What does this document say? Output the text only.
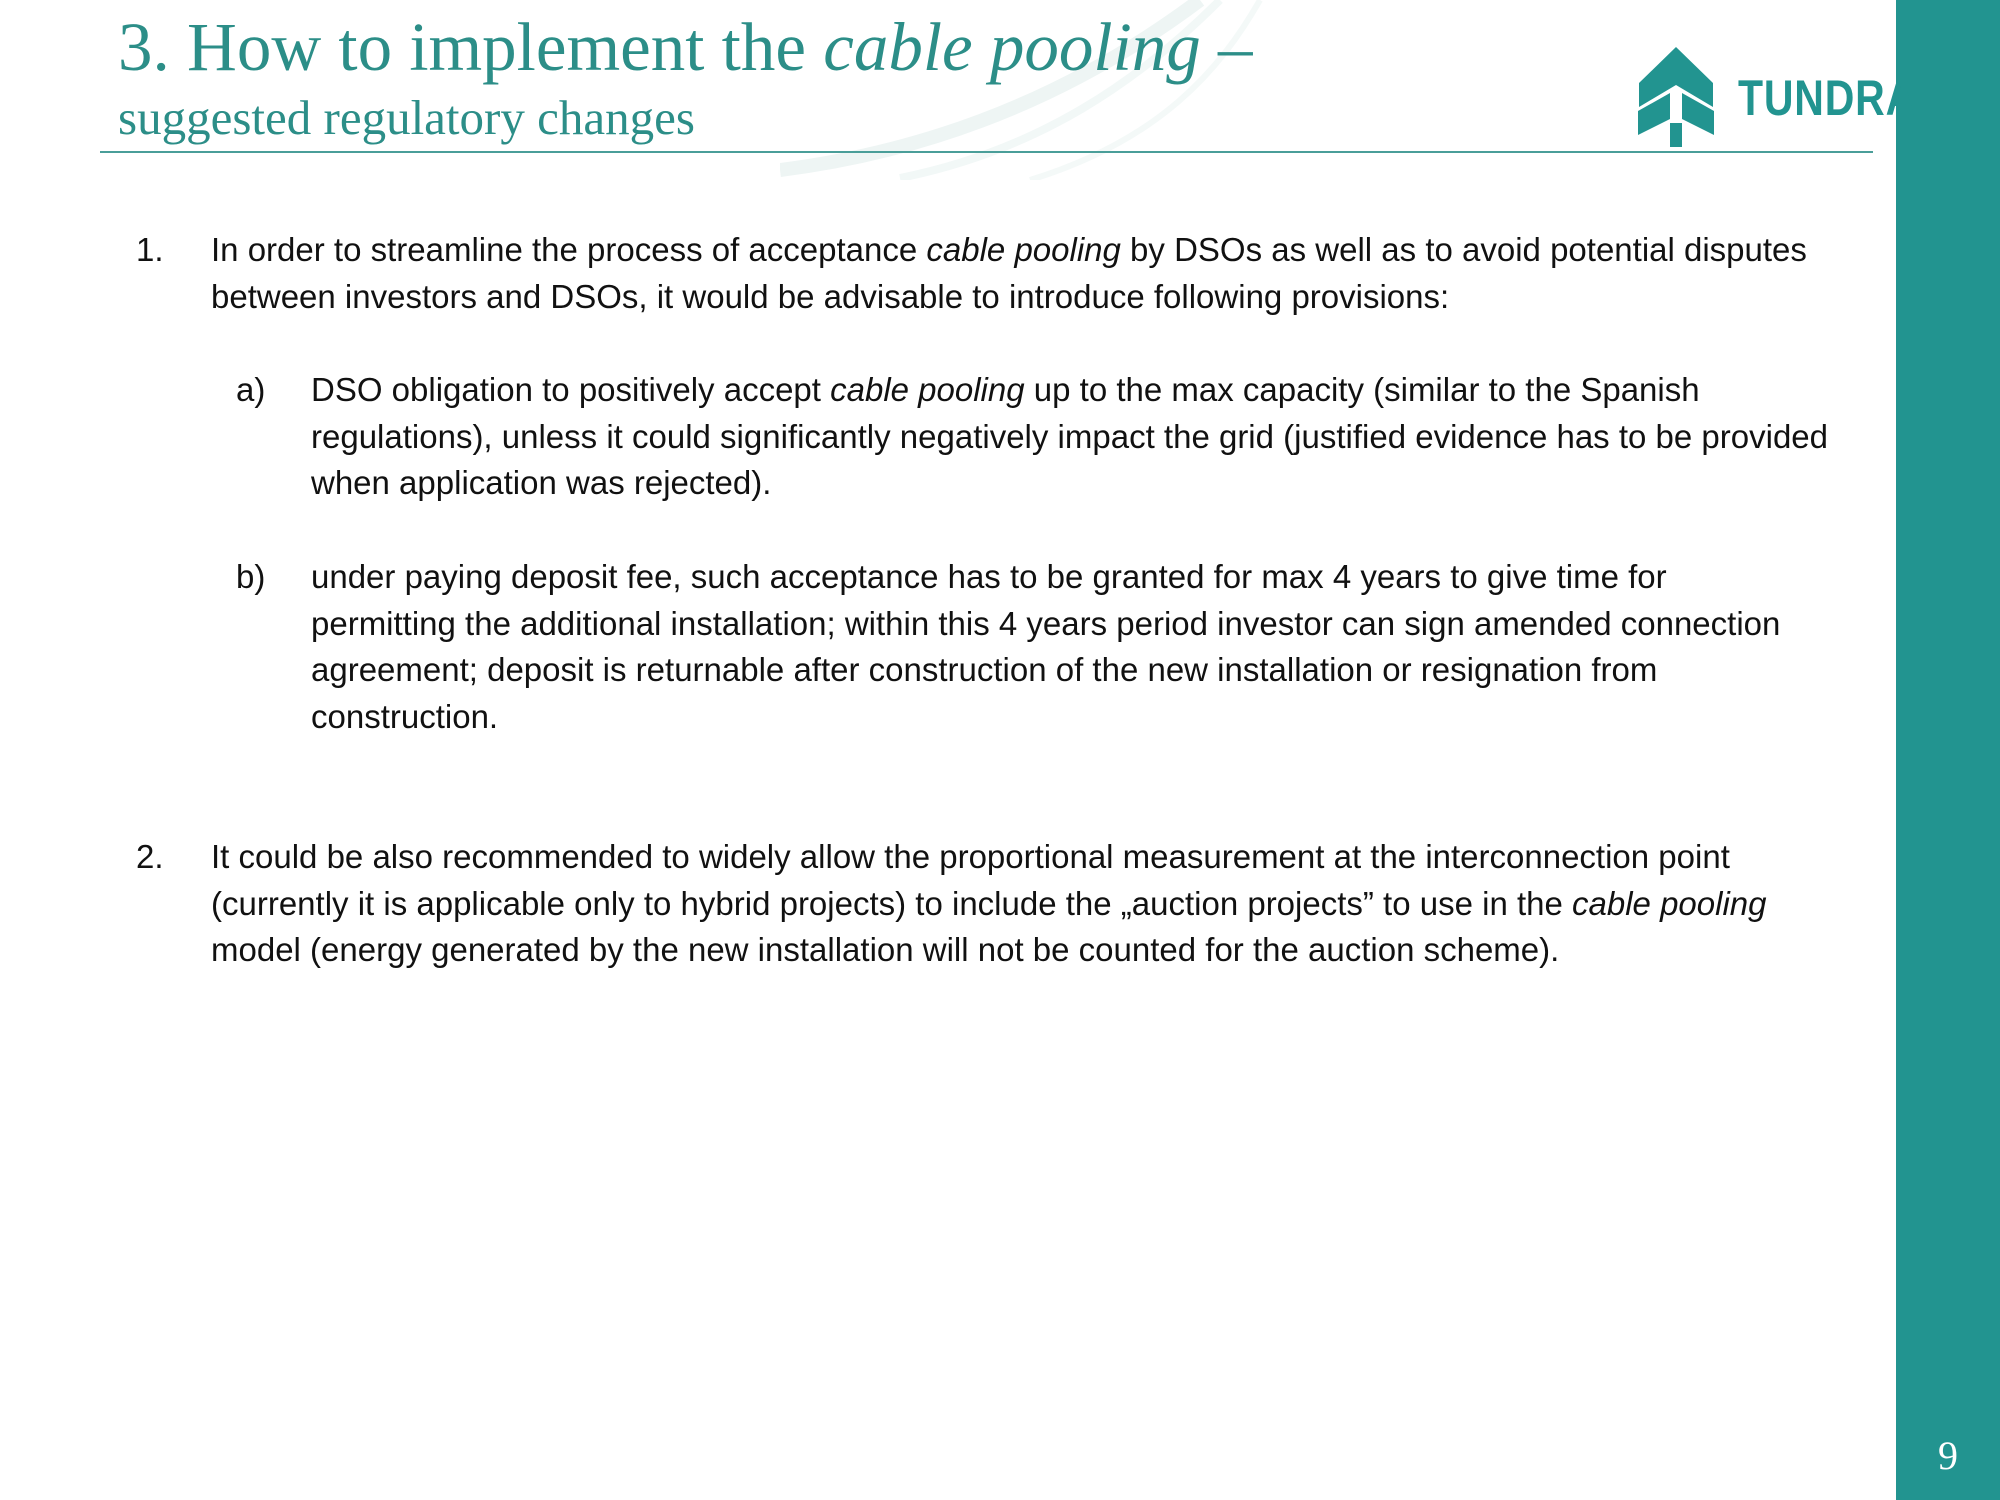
9
3. How to implement the cable pooling –
suggested regulatory changes	TUNDRA
1. In order to streamline the process of acceptance cable pooling by DSOs as well as to avoid potential disputes between investors and DSOs, it would be advisable to introduce following provisions:
a) DSO obligation to positively accept cable pooling up to the max capacity (similar to the Spanish regulations), unless it could significantly negatively impact the grid (justified evidence has to be provided when application was rejected).
b) under paying deposit fee, such acceptance has to be granted for max 4 years to give time for permitting the additional installation; within this 4 years period investor can sign amended connection agreement; deposit is returnable after construction of the new installation or resignation from construction.
2. It could be also recommended to widely allow the proportional measurement at the interconnection point (currently it is applicable only to hybrid projects) to include the „auction projects” to use in the cable pooling model (energy generated by the new installation will not be counted for the auction scheme).
